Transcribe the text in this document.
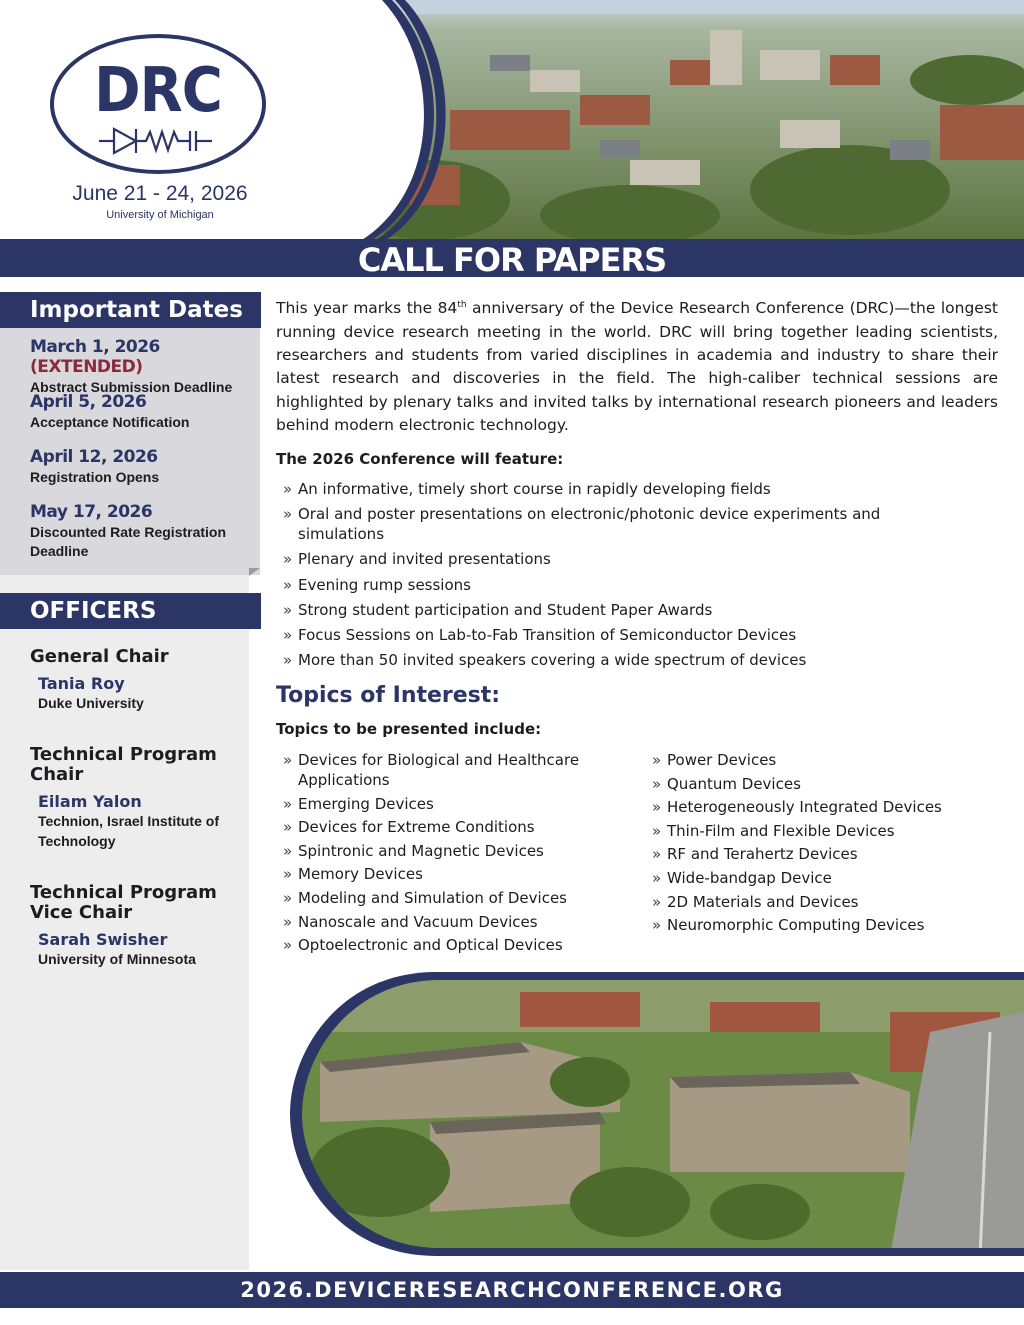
DRC
June 21 - 24, 2026
University of Michigan
CALL FOR PAPERS
Important Dates
March 1, 2026 (EXTENDED)
Abstract Submission Deadline
April 5, 2026
Acceptance Notification
April 12, 2026
Registration Opens
May 17, 2026
Discounted Rate Registration Deadline
OFFICERS
General Chair
Tania Roy
Duke University
Technical Program Chair
Eilam Yalon
Technion, Israel Institute of Technology
Technical Program Vice Chair
Sarah Swisher
University of Minnesota
This year marks the 84th anniversary of the Device Research Conference (DRC)—the longest running device research meeting in the world. DRC will bring together leading scientists, researchers and students from varied disciplines in academia and industry to share their latest research and discoveries in the field. The high-caliber technical sessions are highlighted by plenary talks and invited talks by international research pioneers and leaders behind modern electronic technology.
The 2026 Conference will feature:
» An informative, timely short course in rapidly developing fields
» Oral and poster presentations on electronic/photonic device experiments and simulations
» Plenary and invited presentations
» Evening rump sessions
» Strong student participation and Student Paper Awards
» Focus Sessions on Lab-to-Fab Transition of Semiconductor Devices
» More than 50 invited speakers covering a wide spectrum of devices
Topics of Interest:
Topics to be presented include:
» Devices for Biological and Healthcare Applications
» Emerging Devices
» Devices for Extreme Conditions
» Spintronic and Magnetic Devices
» Memory Devices
» Modeling and Simulation of Devices
» Nanoscale and Vacuum Devices
» Optoelectronic and Optical Devices
» Power Devices
» Quantum Devices
» Heterogeneously Integrated Devices
» Thin-Film and Flexible Devices
» RF and Terahertz Devices
» Wide-bandgap Device
» 2D Materials and Devices
» Neuromorphic Computing Devices
2026.DEVICERESEARCHCONFERENCE.ORG
